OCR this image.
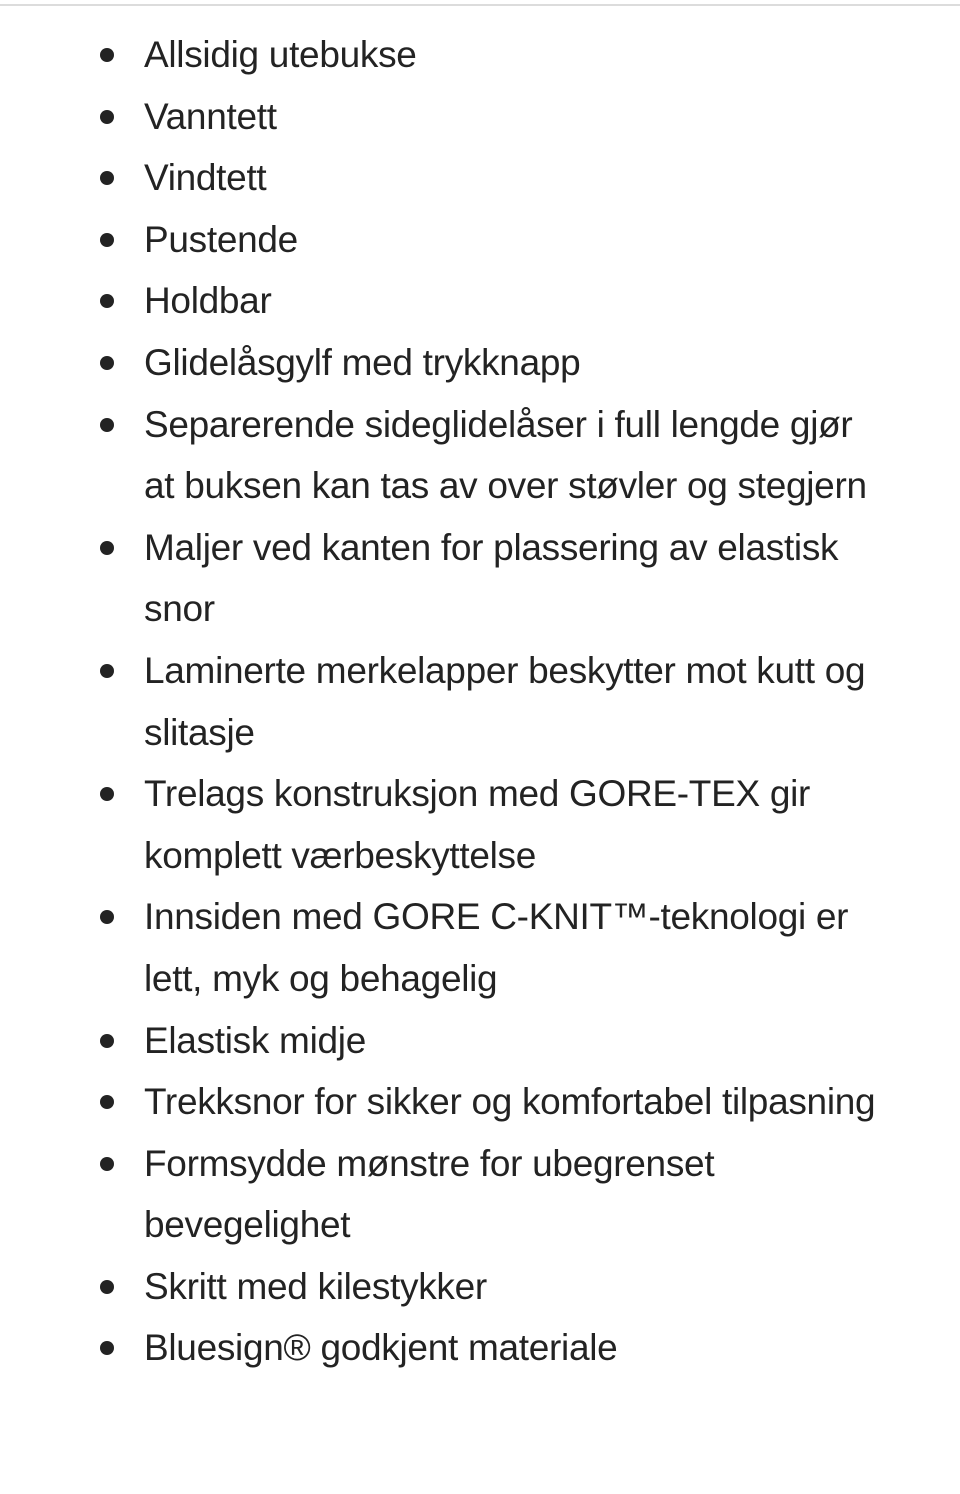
Allsidig utebukse
Vanntett
Vindtett
Pustende
Holdbar
Glidelåsgylf med trykknapp
Separerende sideglidelåser i full lengde gjør at buksen kan tas av over støvler og stegjern
Maljer ved kanten for plassering av elastisk snor
Laminerte merkelapper beskytter mot kutt og slitasje
Trelags konstruksjon med GORE-TEX gir komplett værbeskyttelse
Innsiden med GORE C-KNIT™-teknologi er lett, myk og behagelig
Elastisk midje
Trekksnor for sikker og komfortabel tilpasning
Formsydde mønstre for ubegrenset bevegelighet
Skritt med kilestykker
Bluesign® godkjent materiale
